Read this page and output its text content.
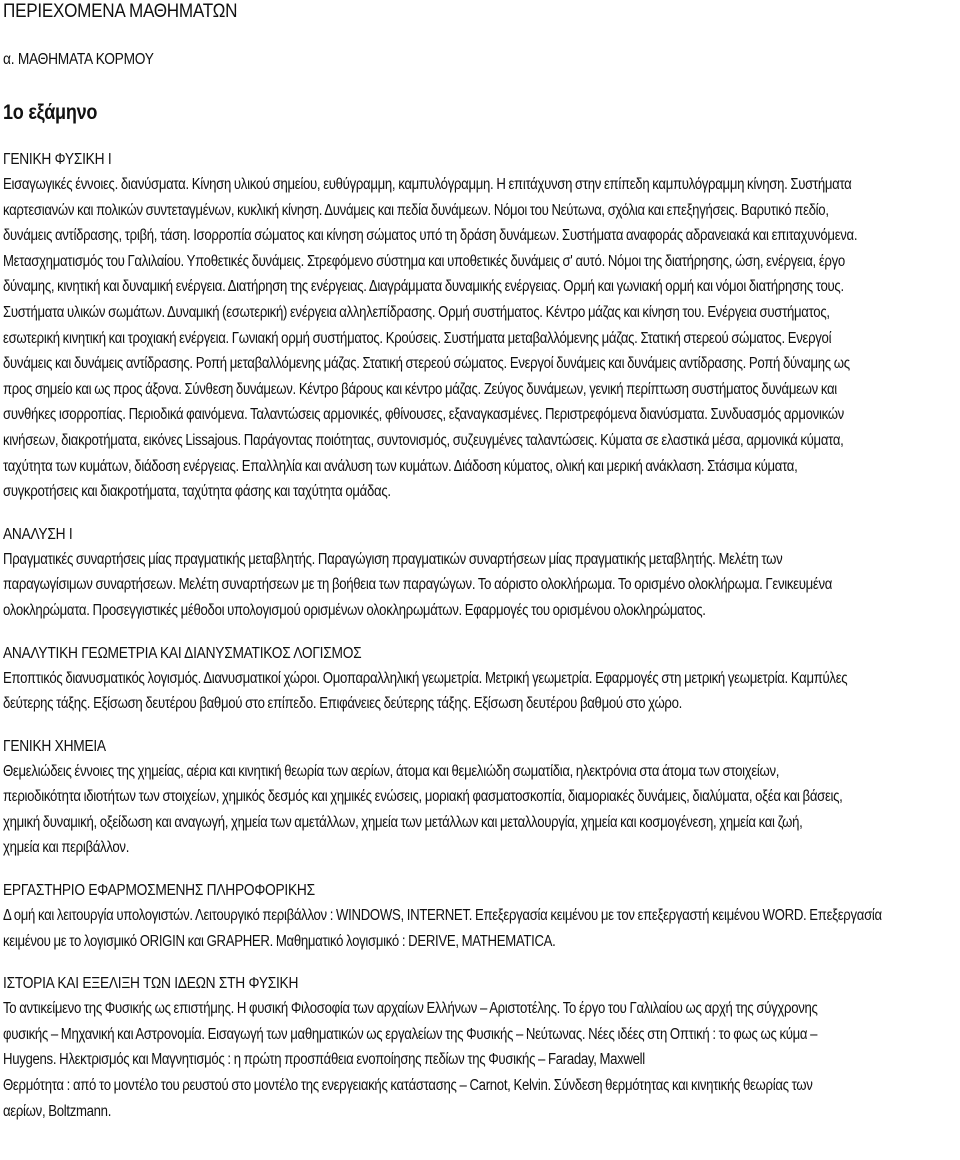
ΠΕΡΙΕΧΟΜΕΝΑ ΜΑΘΗΜΑΤΩΝ
α. ΜΑΘΗΜΑΤΑ ΚΟΡΜΟΥ
1ο εξάμηνο
ΓΕΝΙΚΗ ΦΥΣΙΚΗ Ι
Εισαγωγικές έννοιες. διανύσματα. Κίνηση υλικού σημείου, ευθύγραμμη, καμπυλόγραμμη. Η επιτάχυνση στην επίπεδη καμπυλόγραμμη κίνηση. Συστήματα
καρτεσιανών και πολικών συντεταγμένων, κυκλική κίνηση. Δυνάμεις και πεδία δυνάμεων. Νόμοι του Νεύτωνα, σχόλια και επεξηγήσεις. Βαρυτικό πεδίο,
δυνάμεις αντίδρασης, τριβή, τάση. Ισορροπία σώματος και κίνηση σώματος υπό τη δράση δυνάμεων. Συστήματα αναφοράς αδρανειακά και επιταχυνόμενα.
Μετασχηματισμός του Γαλιλαίου. Υποθετικές δυνάμεις. Στρεφόμενο σύστημα και υποθετικές δυνάμεις σ' αυτό. Νόμοι της διατήρησης, ώση, ενέργεια, έργο
δύναμης, κινητική και δυναμική ενέργεια. Διατήρηση της ενέργειας. Διαγράμματα δυναμικής ενέργειας. Ορμή και γωνιακή ορμή και νόμοι διατήρησης τους.
Συστήματα υλικών σωμάτων. Δυναμική (εσωτερική) ενέργεια αλληλεπίδρασης. Ορμή συστήματος. Κέντρο μάζας και κίνηση του. Ενέργεια συστήματος,
εσωτερική κινητική και τροχιακή ενέργεια. Γωνιακή ορμή συστήματος. Κρούσεις. Συστήματα μεταβαλλόμενης μάζας. Στατική στερεού σώματος. Ενεργοί
δυνάμεις και δυνάμεις αντίδρασης. Ροπή μεταβαλλόμενης μάζας. Στατική στερεού σώματος. Ενεργοί δυνάμεις και δυνάμεις αντίδρασης. Ροπή δύναμης ως
προς σημείο και ως προς άξονα. Σύνθεση δυνάμεων. Κέντρο βάρους και κέντρο μάζας. Ζεύγος δυνάμεων, γενική περίπτωση συστήματος δυνάμεων και
συνθήκες ισορροπίας. Περιοδικά φαινόμενα. Ταλαντώσεις αρμονικές, φθίνουσες, εξαναγκασμένες. Περιστρεφόμενα διανύσματα. Συνδυασμός αρμονικών
κινήσεων, διακροτήματα, εικόνες Lissajous. Παράγοντας ποιότητας, συντονισμός, συζευγμένες ταλαντώσεις. Κύματα σε ελαστικά μέσα, αρμονικά κύματα,
ταχύτητα των κυμάτων, διάδοση ενέργειας. Επαλληλία και ανάλυση των κυμάτων. Διάδοση κύματος, ολική και μερική ανάκλαση. Στάσιμα κύματα,
συγκροτήσεις και διακροτήματα, ταχύτητα φάσης και ταχύτητα ομάδας.
ΑΝΑΛΥΣΗ Ι
Πραγματικές συναρτήσεις μίας πραγματικής μεταβλητής. Παραγώγιση πραγματικών συναρτήσεων μίας πραγματικής μεταβλητής. Μελέτη των
παραγωγίσιμων συναρτήσεων. Μελέτη συναρτήσεων με τη βοήθεια των παραγώγων. Το αόριστο ολοκλήρωμα. Το ορισμένο ολοκλήρωμα. Γενικευμένα
ολοκληρώματα. Προσεγγιστικές μέθοδοι υπολογισμού ορισμένων ολοκληρωμάτων. Εφαρμογές του ορισμένου ολοκληρώματος.
ΑΝΑΛΥΤΙΚΗ ΓΕΩΜΕΤΡΙΑ ΚΑΙ ΔΙΑΝΥΣΜΑΤΙΚΟΣ ΛΟΓΙΣΜΟΣ
Εποπτικός διανυσματικός λογισμός. Διανυσματικοί χώροι. Ομοπαραλληλική γεωμετρία. Μετρική γεωμετρία. Εφαρμογές στη μετρική γεωμετρία. Καμπύλες
δεύτερης τάξης. Εξίσωση δευτέρου βαθμού στο επίπεδο. Επιφάνειες δεύτερης τάξης. Εξίσωση δευτέρου βαθμού στο χώρο.
ΓΕΝΙΚΗ ΧΗΜΕΙΑ
Θεμελιώδεις έννοιες της χημείας, αέρια και κινητική θεωρία των αερίων, άτομα και θεμελιώδη σωματίδια, ηλεκτρόνια στα άτομα των στοιχείων,
περιοδικότητα ιδιοτήτων των στοιχείων, χημικός δεσμός και χημικές ενώσεις, μοριακή φασματοσκοπία, διαμοριακές δυνάμεις, διαλύματα, οξέα και βάσεις,
χημική δυναμική, οξείδωση και αναγωγή, χημεία των αμετάλλων, χημεία των μετάλλων και μεταλλουργία, χημεία και κοσμογένεση, χημεία και ζωή,
χημεία και περιβάλλον.
ΕΡΓΑΣΤΗΡΙΟ ΕΦΑΡΜΟΣΜΕΝΗΣ ΠΛΗΡΟΦΟΡΙΚΗΣ
Δ ομή και λειτουργία υπολογιστών. Λειτουργικό περιβάλλον : WINDOWS, INTERNET. Επεξεργασία κειμένου με τον επεξεργαστή κειμένου WORD. Επεξεργασία
κειμένου με το λογισμικό ORIGIN και GRAPHER. Μαθηματικό λογισμικό : DERIVE, MATHEMATICA.
ΙΣΤΟΡΙΑ ΚΑΙ ΕΞΕΛΙΞΗ ΤΩΝ ΙΔΕΩΝ ΣΤΗ ΦΥΣΙΚΗ
Το αντικείμενο της Φυσικής ως επιστήμης. Η φυσική Φιλοσοφία των αρχαίων Ελλήνων – Αριστοτέλης. Το έργο του Γαλιλαίου ως αρχή της σύγχρονης
φυσικής – Μηχανική και Αστρονομία. Εισαγωγή των μαθηματικών ως εργαλείων της Φυσικής – Νεύτωνας. Νέες ιδέες στη Οπτική : το φως ως κύμα –
Huygens. Ηλεκτρισμός και Μαγνητισμός : η πρώτη προσπάθεια ενοποίησης πεδίων της Φυσικής – Faraday, Maxwell
Θερμότητα : από το μοντέλο του ρευστού στο μοντέλο της ενεργειακής κατάστασης – Carnot, Kelvin. Σύνδεση θερμότητας και κινητικής θεωρίας των
αερίων, Boltzmann.
